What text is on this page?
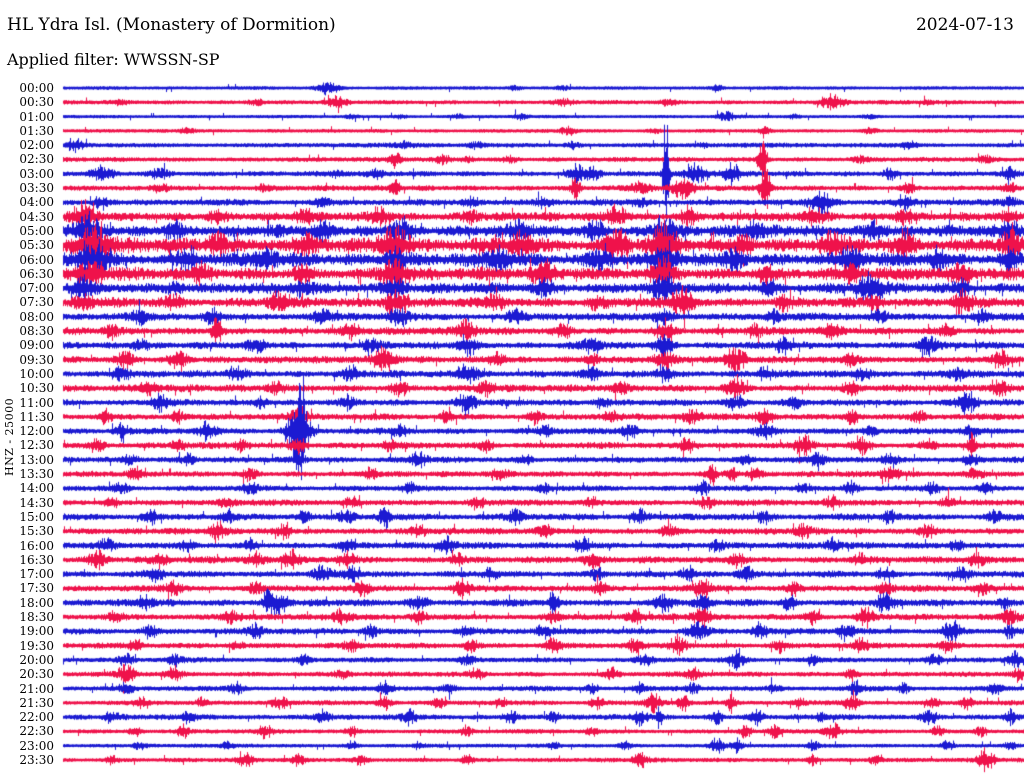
HL Ydra Isl. (Monastery of Dormition)	2024-07-13
Applied filter: WWSSN-SP
HNZ - 25000
00:00
00:30
01:00
01:30
02:00
02:30
03:00
03:30
04:00
04:30
05:00
05:30
06:00
06:30
07:00
07:30
08:00
08:30
09:00
09:30
10:00
10:30
11:00
11:30
12:00
12:30
13:00
13:30
14:00
14:30
15:00
15:30
16:00
16:30
17:00
17:30
18:00
18:30
19:00
19:30
20:00
20:30
21:00
21:30
22:00
22:30
23:00
23:30
